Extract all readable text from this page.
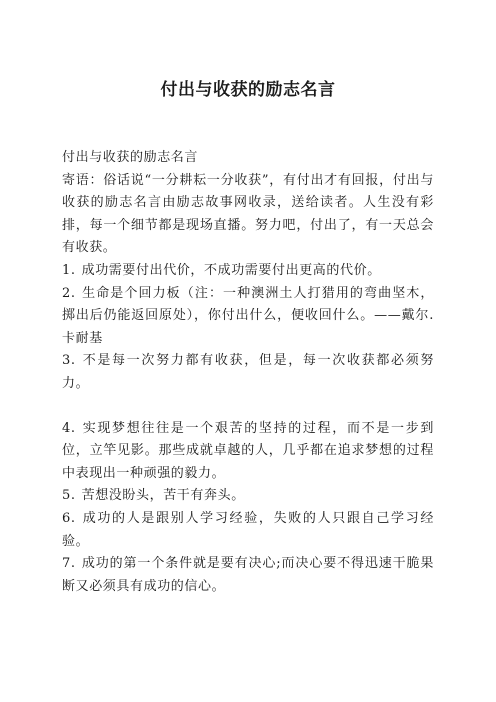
付出与收获的励志名言

付出与收获的励志名言

寄语：俗话说“一分耕耘一分收获”，有付出才有回报，付出与收获的励志名言由励志故事网收录，送给读者。人生没有彩排，每一个细节都是现场直播。努力吧，付出了，有一天总会有收获。

1. 成功需要付出代价，不成功需要付出更高的代价。

2. 生命是个回力板（注：一种澳洲土人打猎用的弯曲坚木，掷出后仍能返回原处），你付出什么，便收回什么。——戴尔.卡耐基

3. 不是每一次努力都有收获，但是，每一次收获都必须努力。

4. 实现梦想往往是一个艰苦的坚持的过程，而不是一步到位，立竿见影。那些成就卓越的人，几乎都在追求梦想的过程中表现出一种顽强的毅力。

5. 苦想没盼头，苦干有奔头。

6. 成功的人是跟别人学习经验，失败的人只跟自己学习经验。

7. 成功的第一个条件就是要有决心;而决心要不得迅速干脆果断又必须具有成功的信心。
